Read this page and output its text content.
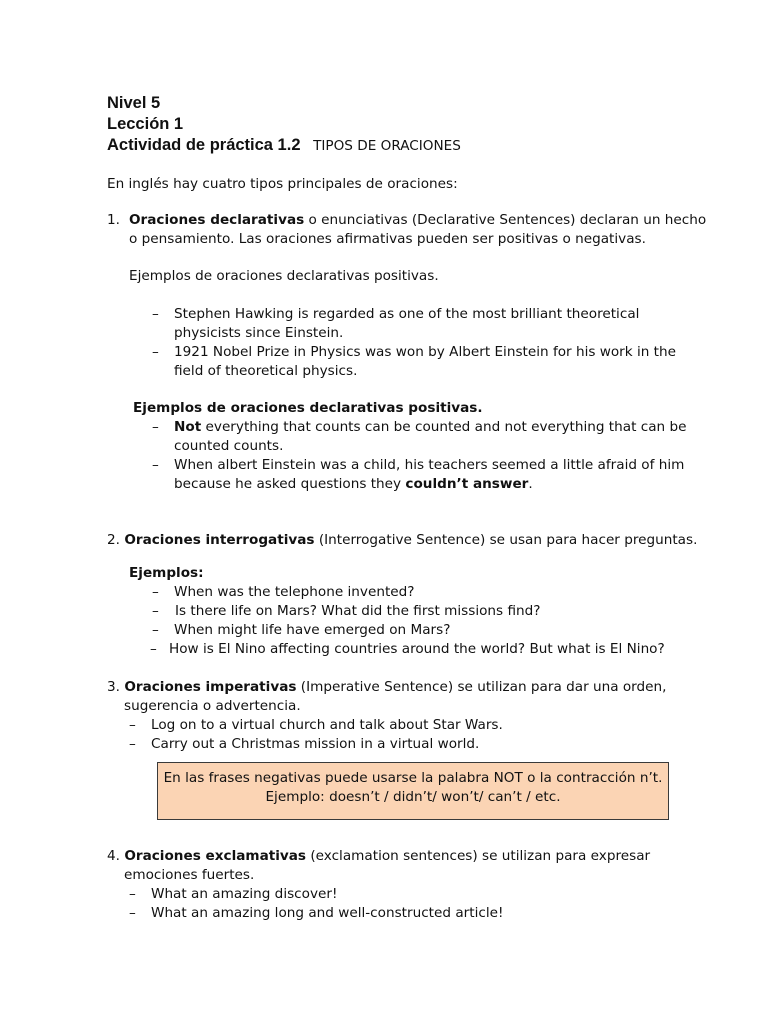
Nivel 5
Lección 1
Actividad de práctica 1.2 TIPOS DE ORACIONES
En inglés hay cuatro tipos principales de oraciones:
1. Oraciones declarativas o enunciativas (Declarative Sentences) declaran un hecho
o pensamiento. Las oraciones afirmativas pueden ser positivas o negativas.
Ejemplos de oraciones declarativas positivas.
– Stephen Hawking is regarded as one of the most brilliant theoretical
physicists since Einstein.
– 1921 Nobel Prize in Physics was won by Albert Einstein for his work in the
field of theoretical physics.
Ejemplos de oraciones declarativas positivas.
– Not everything that counts can be counted and not everything that can be
counted counts.
– When albert Einstein was a child, his teachers seemed a little afraid of him
because he asked questions they couldn’t answer.
2. Oraciones interrogativas (Interrogative Sentence) se usan para hacer preguntas.
Ejemplos:
– When was the telephone invented?
– Is there life on Mars? What did the first missions find?
– When might life have emerged on Mars?
– How is El Nino affecting countries around the world? But what is El Nino?
3. Oraciones imperativas (Imperative Sentence) se utilizan para dar una orden,
sugerencia o advertencia.
– Log on to a virtual church and talk about Star Wars.
– Carry out a Christmas mission in a virtual world.
En las frases negativas puede usarse la palabra NOT o la contracción n’t.
Ejemplo: doesn’t / didn’t/ won’t/ can’t / etc.
4. Oraciones exclamativas (exclamation sentences) se utilizan para expresar
emociones fuertes.
– What an amazing discover!
– What an amazing long and well-constructed article!
